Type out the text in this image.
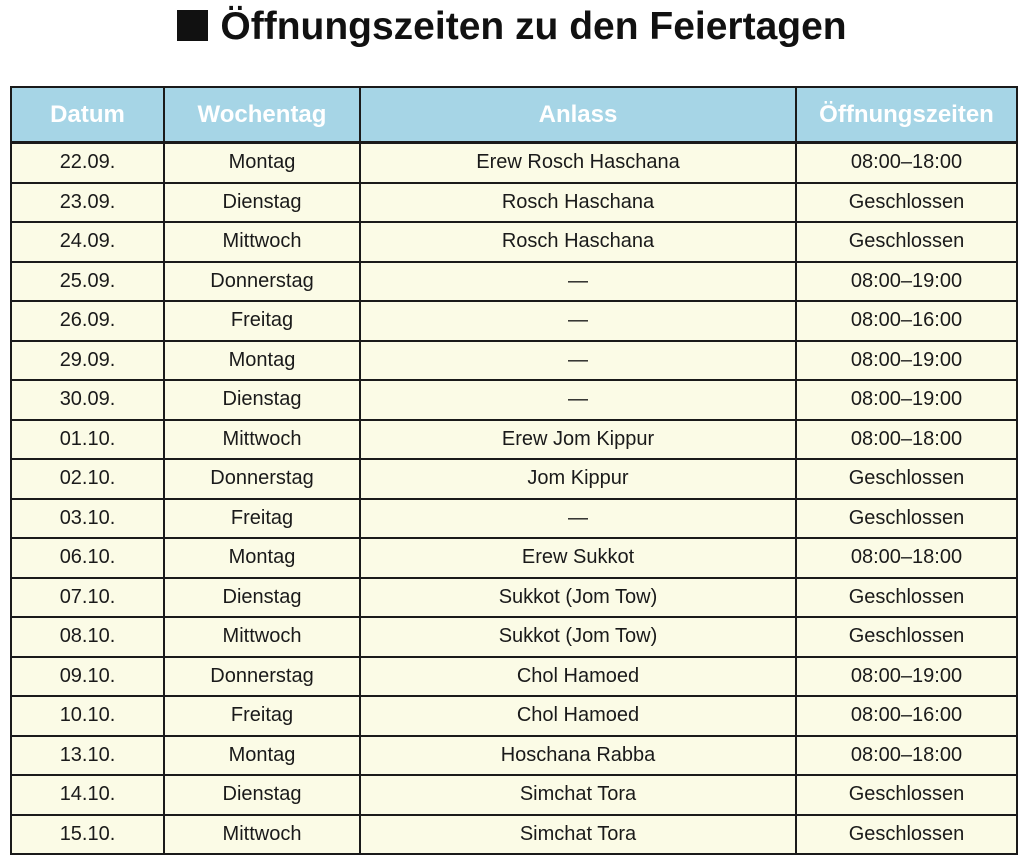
Öffnungszeiten zu den Feiertagen
Datum	Wochentag	Anlass	Öffnungszeiten
22.09.	Montag	Erew Rosch Haschana	08:00–18:00
23.09.	Dienstag	Rosch Haschana	Geschlossen
24.09.	Mittwoch	Rosch Haschana	Geschlossen
25.09.	Donnerstag	—	08:00–19:00
26.09.	Freitag	—	08:00–16:00
29.09.	Montag	—	08:00–19:00
30.09.	Dienstag	—	08:00–19:00
01.10.	Mittwoch	Erew Jom Kippur	08:00–18:00
02.10.	Donnerstag	Jom Kippur	Geschlossen
03.10.	Freitag	—	Geschlossen
06.10.	Montag	Erew Sukkot	08:00–18:00
07.10.	Dienstag	Sukkot (Jom Tow)	Geschlossen
08.10.	Mittwoch	Sukkot (Jom Tow)	Geschlossen
09.10.	Donnerstag	Chol Hamoed	08:00–19:00
10.10.	Freitag	Chol Hamoed	08:00–16:00
13.10.	Montag	Hoschana Rabba	08:00–18:00
14.10.	Dienstag	Simchat Tora	Geschlossen
15.10.	Mittwoch	Simchat Tora	Geschlossen
